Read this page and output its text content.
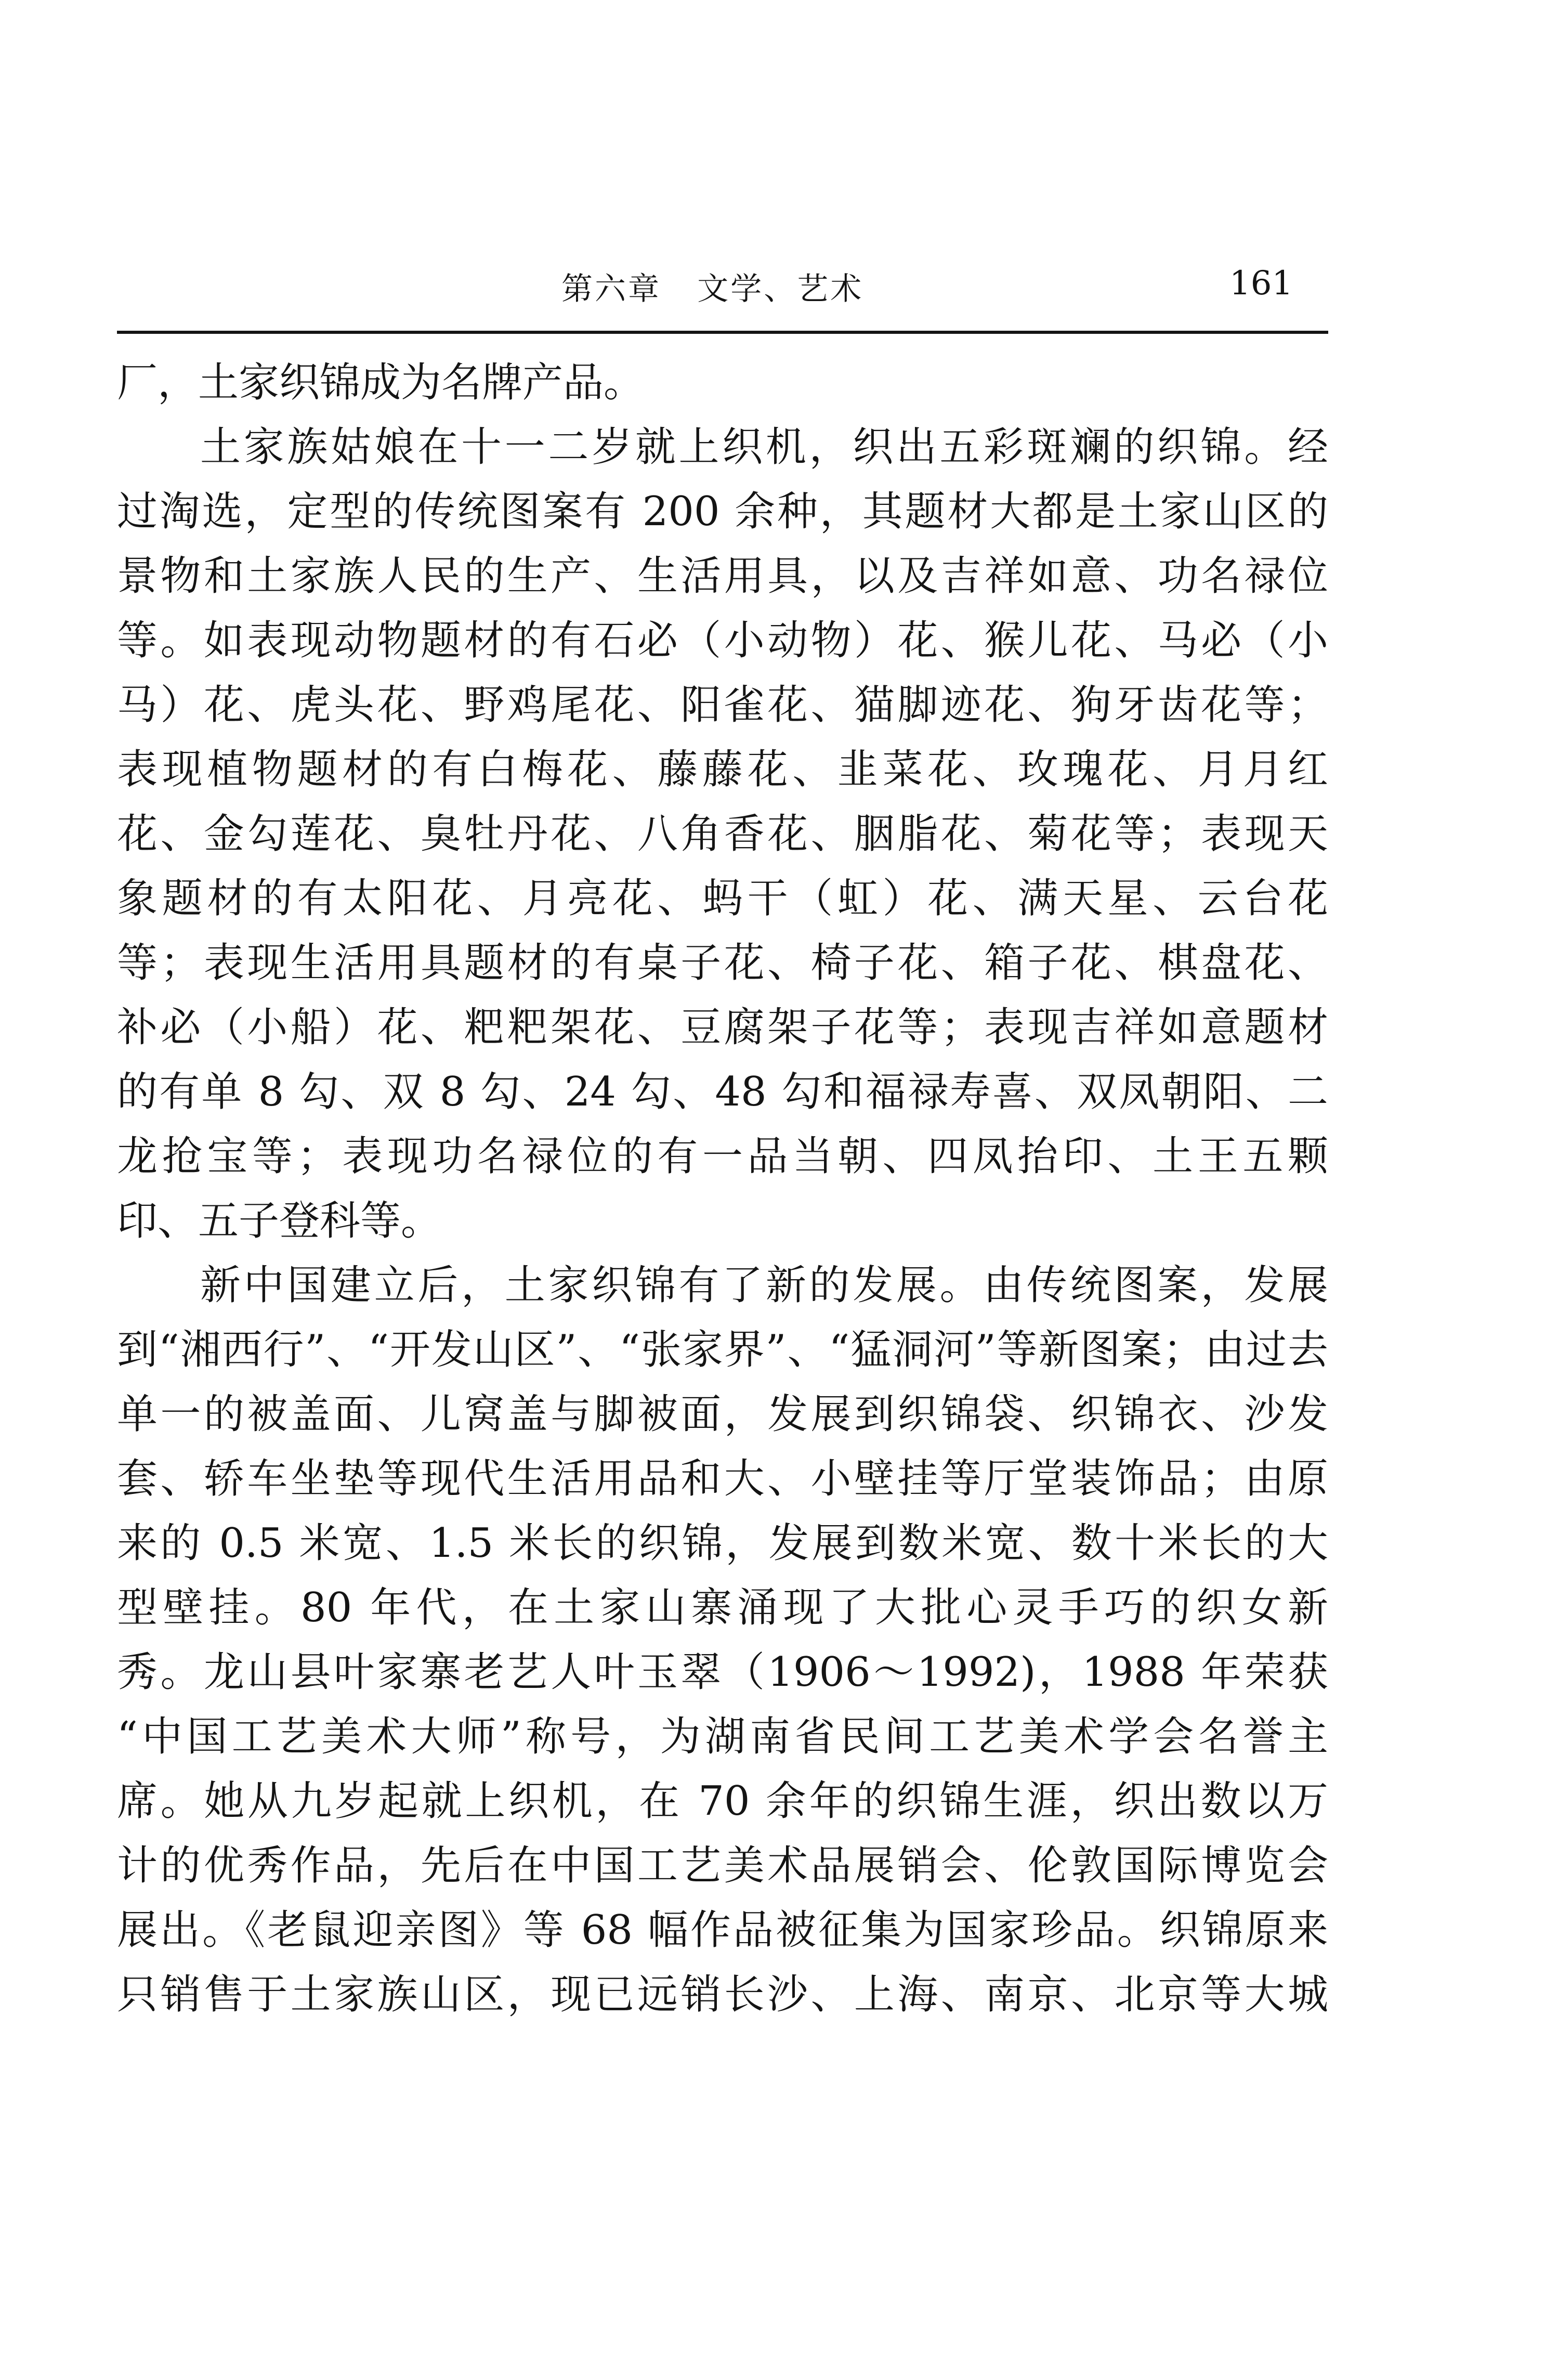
第六章 文学、艺术	161
厂，土家织锦成为名牌产品。
土家族姑娘在十一二岁就上织机，织出五彩斑斓的织锦。经
过淘选，定型的传统图案有 200 余种，其题材大都是土家山区的
景物和土家族人民的生产、生活用具，以及吉祥如意、功名禄位
等。如表现动物题材的有石必（小动物）花、猴儿花、马必（小
马）花、虎头花、野鸡尾花、阳雀花、猫脚迹花、狗牙齿花等；
表现植物题材的有白梅花、藤藤花、韭菜花、玫瑰花、月月红
花、金勾莲花、臭牡丹花、八角香花、胭脂花、菊花等；表现天
象题材的有太阳花、月亮花、蚂干（虹）花、满天星、云台花
等；表现生活用具题材的有桌子花、椅子花、箱子花、棋盘花、
补必（小船）花、粑粑架花、豆腐架子花等；表现吉祥如意题材
的有单 8 勾、双 8 勾、24 勾、48 勾和福禄寿喜、双凤朝阳、二
龙抢宝等；表现功名禄位的有一品当朝、四凤抬印、土王五颗
印、五子登科等。
新中国建立后，土家织锦有了新的发展。由传统图案，发展
到“湘西行”、“开发山区”、“张家界”、“猛洞河”等新图案；由过去
单一的被盖面、儿窝盖与脚被面，发展到织锦袋、织锦衣、沙发
套、轿车坐垫等现代生活用品和大、小壁挂等厅堂装饰品；由原
来的 0.5 米宽、1.5 米长的织锦，发展到数米宽、数十米长的大
型壁挂。80 年代，在土家山寨涌现了大批心灵手巧的织女新
秀。龙山县叶家寨老艺人叶玉翠（1906～1992)，1988 年荣获
“中国工艺美术大师”称号，为湖南省民间工艺美术学会名誉主
席。她从九岁起就上织机，在 70 余年的织锦生涯，织出数以万
计的优秀作品，先后在中国工艺美术品展销会、伦敦国际博览会
展出。《老鼠迎亲图》等 68 幅作品被征集为国家珍品。织锦原来
只销售于土家族山区，现已远销长沙、上海、南京、北京等大城
